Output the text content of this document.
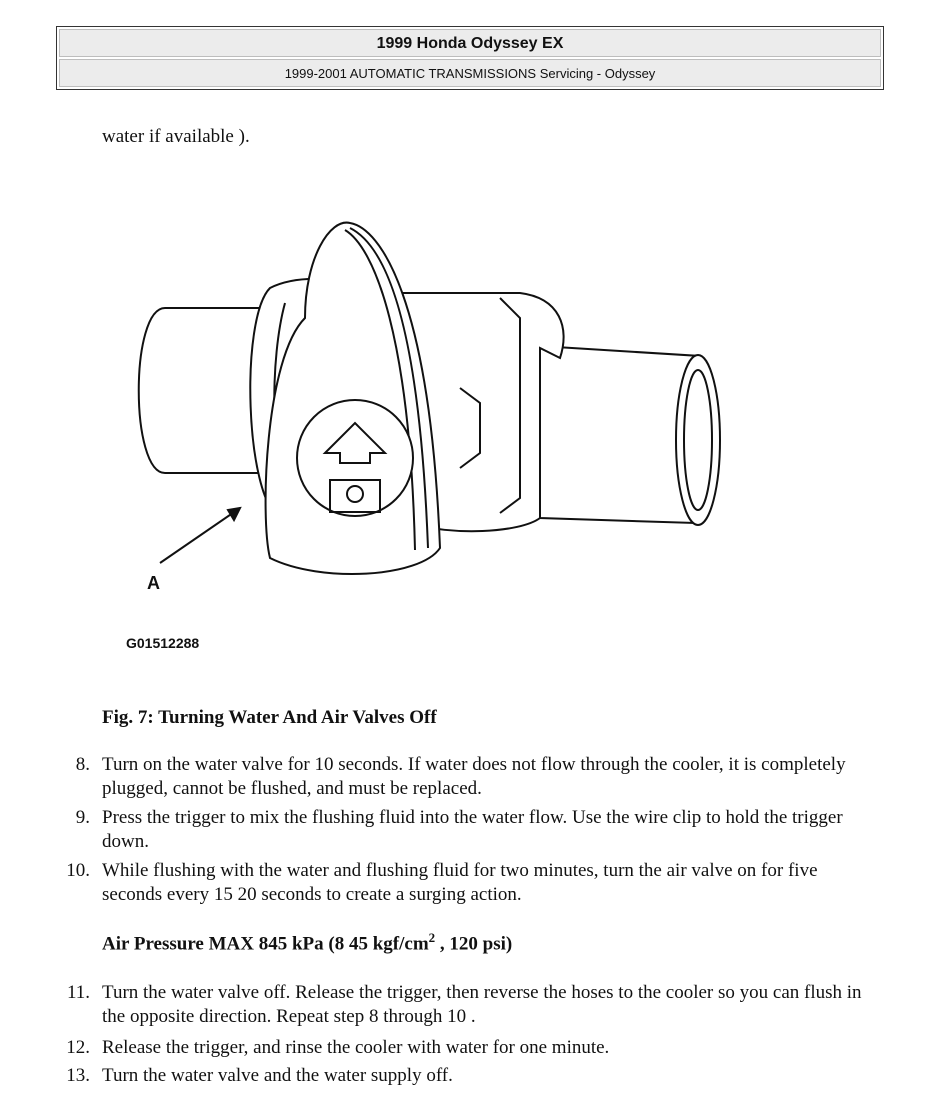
1999 Honda Odyssey EX
1999-2001 AUTOMATIC TRANSMISSIONS Servicing - Odyssey
water if available ).
A
G01512288
Fig. 7: Turning Water And Air Valves Off
8. Turn on the water valve for 10 seconds. If water does not flow through the cooler, it is completely plugged, cannot be flushed, and must be replaced.
9. Press the trigger to mix the flushing fluid into the water flow. Use the wire clip to hold the trigger down.
10. While flushing with the water and flushing fluid for two minutes, turn the air valve on for five seconds every 15 20 seconds to create a surging action.
Air Pressure MAX 845 kPa (8 45 kgf/$cm^2$ , 120 psi)
11. Turn the water valve off. Release the trigger, then reverse the hoses to the cooler so you can flush in the opposite direction. Repeat step 8 through 10 .
12. Release the trigger, and rinse the cooler with water for one minute.
13. Turn the water valve and the water supply off.
